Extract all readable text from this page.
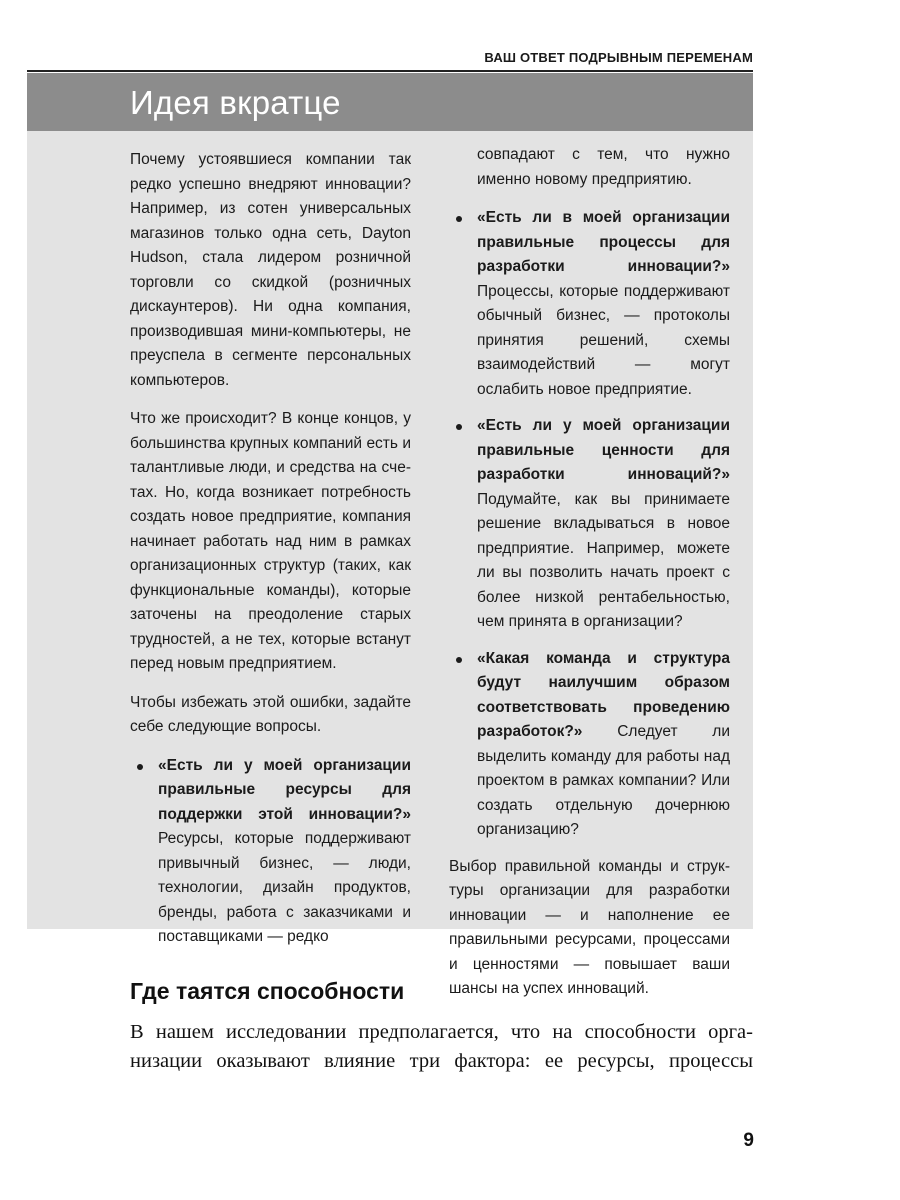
ВАШ ОТВЕТ ПОДРЫВНЫМ ПЕРЕМЕНАМ
Идея вкратце

Почему устоявшиеся компании так редко успешно внедряют инновации? Например, из сотен универсальных магазинов только одна сеть, Dayton Hudson, стала лидером розничной торговли со скидкой (розничных дискаунтеров). Ни одна компания, производившая мини-компьютеры, не преуспела в сегменте персональных компьютеров.

Что же происходит? В конце концов, у большинства крупных компаний есть и талантливые люди, и средства на счетах. Но, когда возникает потребность создать новое предприятие, компания начинает работать над ним в рамках организационных структур (таких, как функциональные команды), которые заточены на преодоление старых трудностей, а не тех, которые встанут перед новым предприятием.

Чтобы избежать этой ошибки, задайте себе следующие вопросы.

«Есть ли у моей организации правильные ресурсы для поддержки этой инновации?» Ресурсы, которые поддерживают привычный бизнес, — люди, технологии, дизайн продуктов, бренды, работа с заказчиками и поставщиками — редко

совпадают с тем, что нужно именно новому предприятию.

«Есть ли в моей организации правильные процессы для разработки инновации?» Процессы, которые поддерживают обычный бизнес, — протоколы принятия решений, схемы взаимодействий — могут ослабить новое предприятие.
«Есть ли у моей организации правильные ценности для разработки инноваций?» Подумайте, как вы принимаете решение вкладываться в новое предприятие. Например, можете ли вы позволить начать проект с более низкой рентабельностью, чем принята в организации?
«Какая команда и структура будут наилучшим образом соответствовать проведению разработок?» Следует ли выделить команду для работы над проектом в рамках компании? Или создать отдельную дочернюю организацию?

Выбор правильной команды и структуры организации для разработки инновации — и наполнение ее правильными ресурсами, процессами и ценностями — повышает ваши шансы на успех инноваций.

Где таятся способности

В нашем исследовании предполагается, что на способности организации оказывают влияние три фактора: ее ресурсы, процессы

9
